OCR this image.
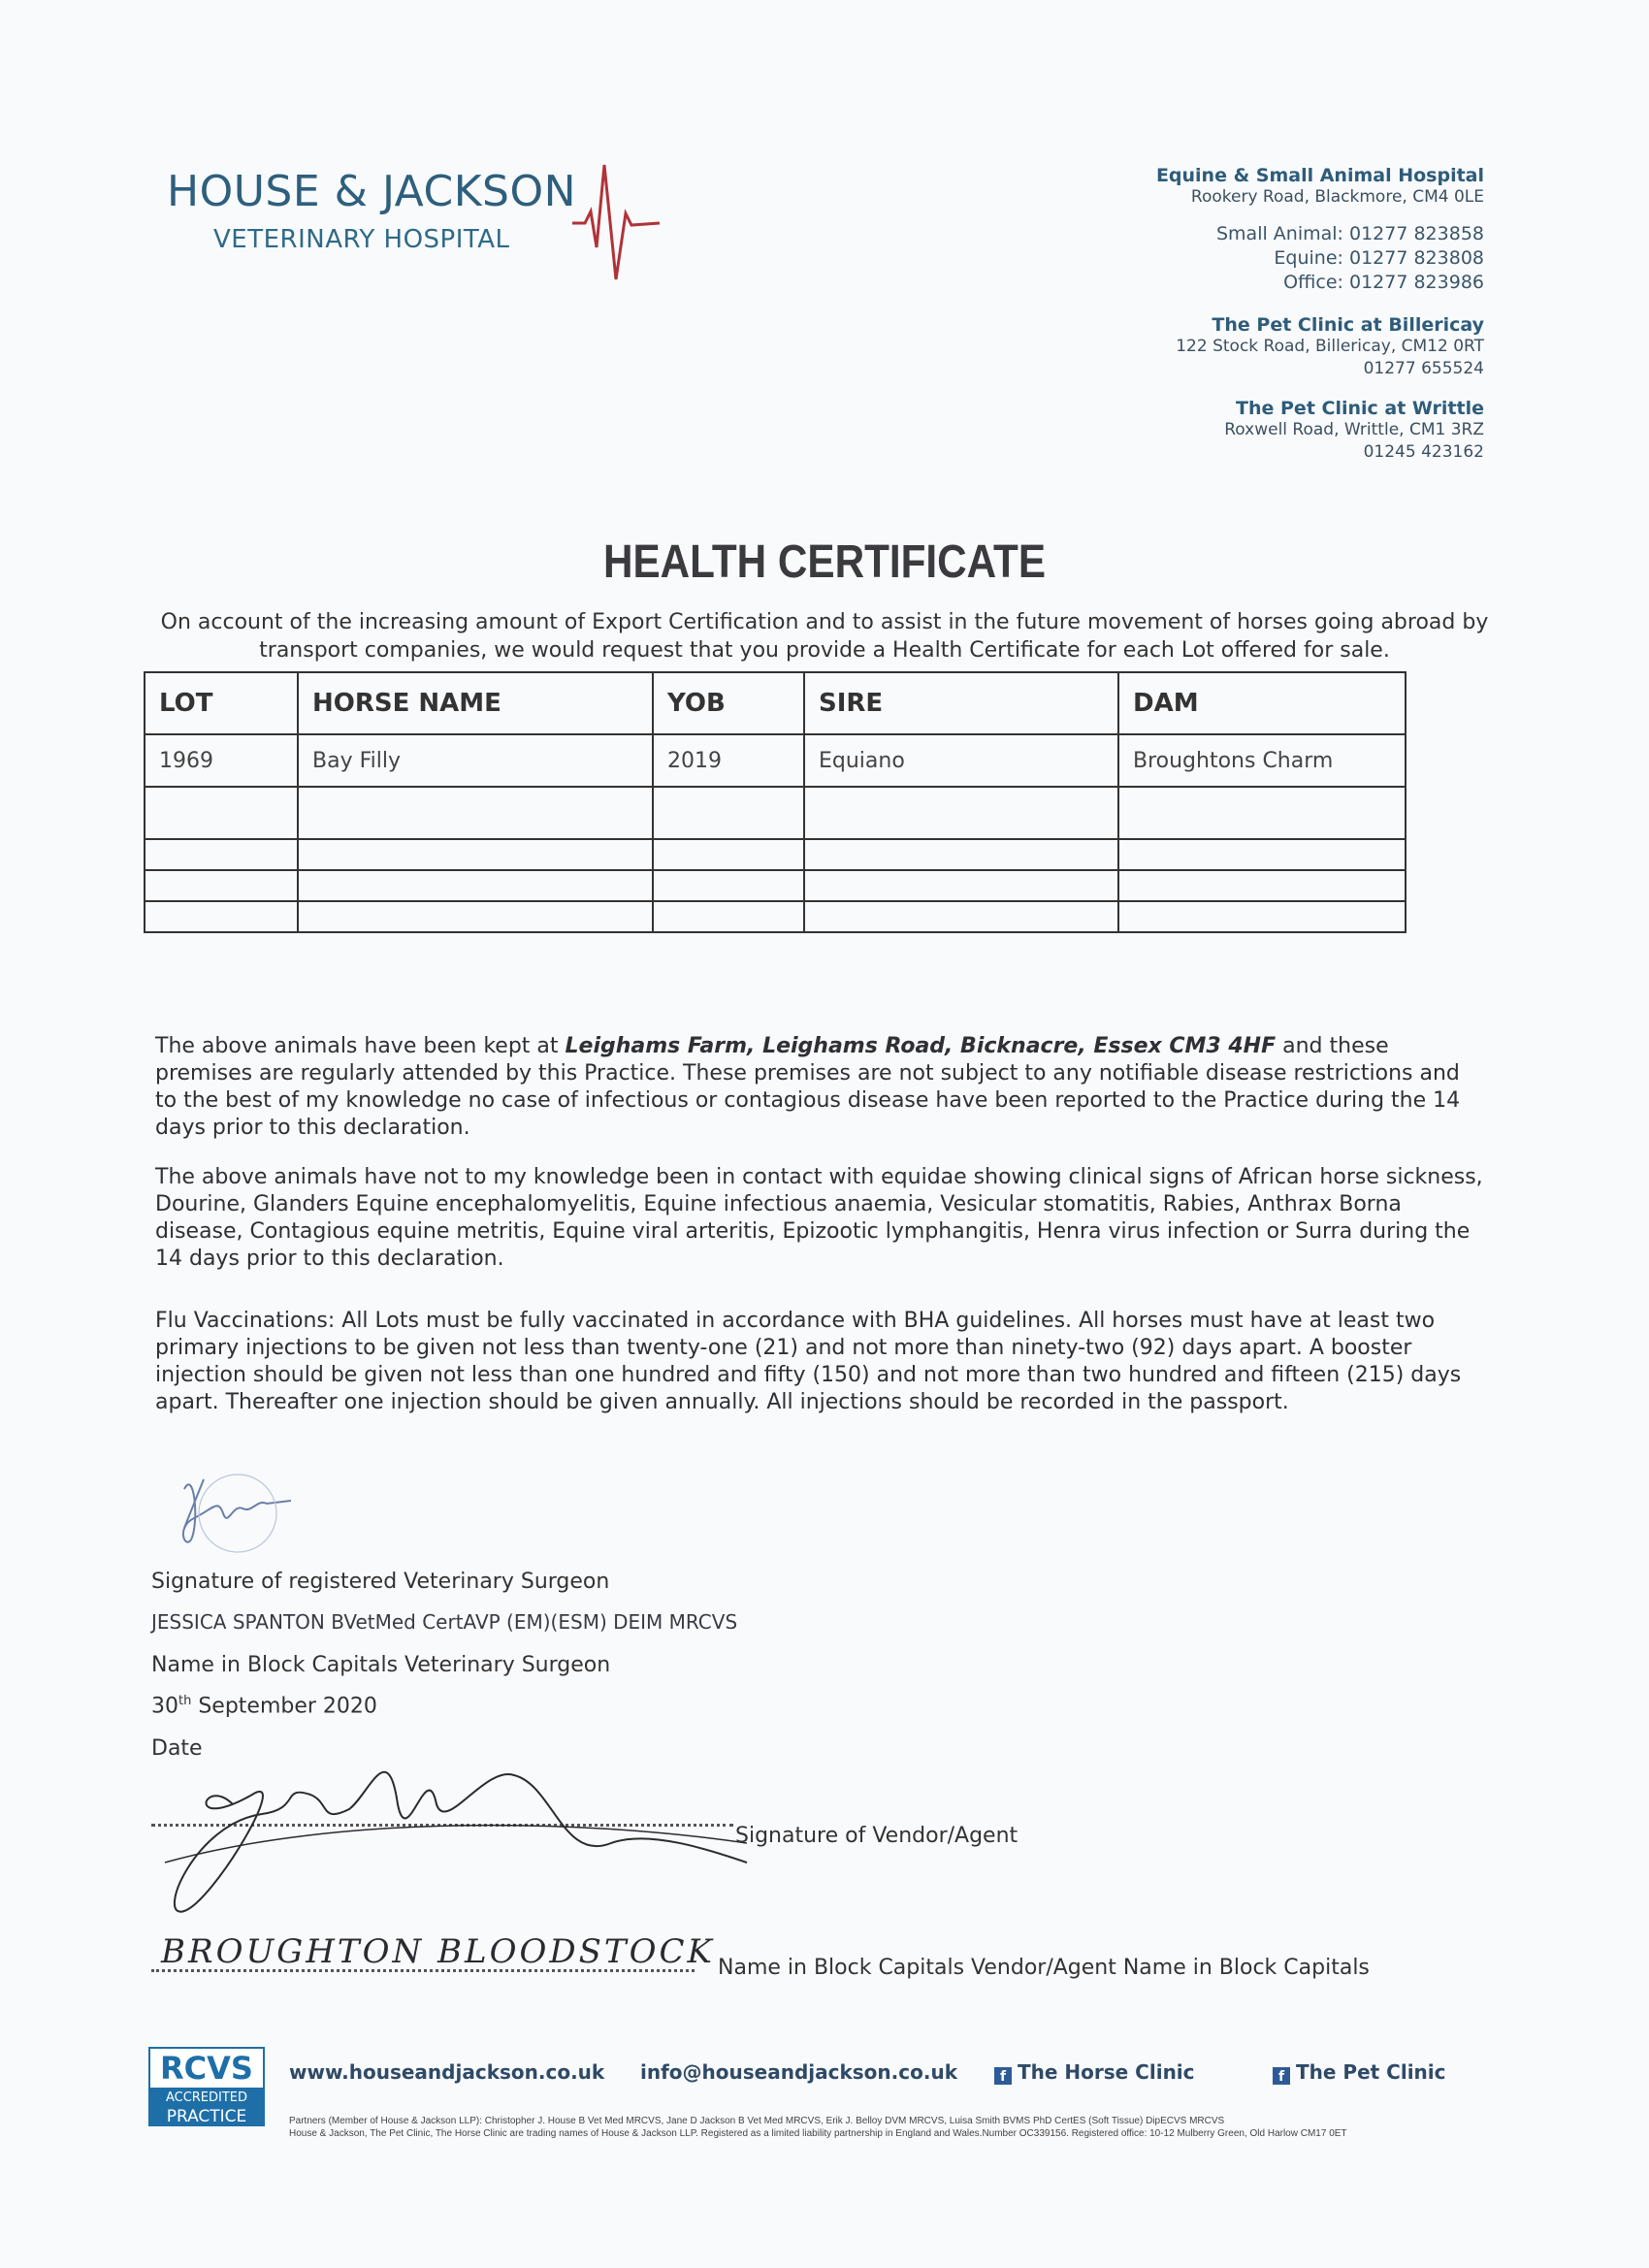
HOUSE & JACKSON
VETERINARY HOSPITAL
Equine & Small Animal Hospital
Rookery Road, Blackmore, CM4 0LE
Small Animal: 01277 823858
Equine: 01277 823808
Office: 01277 823986
The Pet Clinic at Billericay
122 Stock Road, Billericay, CM12 0RT
01277 655524
The Pet Clinic at Writtle
Roxwell Road, Writtle, CM1 3RZ
01245 423162
HEALTH CERTIFICATE
On account of the increasing amount of Export Certification and to assist in the future movement of horses going abroad by transport companies, we would request that you provide a Health Certificate for each Lot offered for sale.
LOT	HORSE NAME	YOB	SIRE	DAM
1969	Bay Filly	2019	Equiano	Broughtons Charm

The above animals have been kept at Leighams Farm, Leighams Road, Bicknacre, Essex CM3 4HF and these premises are regularly attended by this Practice. These premises are not subject to any notifiable disease restrictions and to the best of my knowledge no case of infectious or contagious disease have been reported to the Practice during the 14 days prior to this declaration.
The above animals have not to my knowledge been in contact with equidae showing clinical signs of African horse sickness, Dourine, Glanders Equine encephalomyelitis, Equine infectious anaemia, Vesicular stomatitis, Rabies, Anthrax Borna disease, Contagious equine metritis, Equine viral arteritis, Epizootic lymphangitis, Henra virus infection or Surra during the 14 days prior to this declaration.
Flu Vaccinations: All Lots must be fully vaccinated in accordance with BHA guidelines. All horses must have at least two primary injections to be given not less than twenty-one (21) and not more than ninety-two (92) days apart. A booster injection should be given not less than one hundred and fifty (150) and not more than two hundred and fifteen (215) days apart. Thereafter one injection should be given annually. All injections should be recorded in the passport.
Signature of registered Veterinary Surgeon
JESSICA SPANTON BVetMed CertAVP (EM)(ESM) DEIM MRCVS
Name in Block Capitals Veterinary Surgeon
30th September 2020
Date
Signature of Vendor/Agent
BROUGHTON BLOODSTOCK Name in Block Capitals Vendor/Agent Name in Block Capitals
RCVS
ACCREDITED
PRACTICE
www.houseandjackson.co.uk info@houseandjackson.co.uk	f The Horse Clinic	f The Pet Clinic
Partners (Member of House & Jackson LLP): Christopher J. House B Vet Med MRCVS, Jane D Jackson B Vet Med MRCVS, Erik J. Belloy DVM MRCVS, Luisa Smith BVMS PhD CertES (Soft Tissue) DipECVS MRCVS
House & Jackson, The Pet Clinic, The Horse Clinic are trading names of House & Jackson LLP. Registered as a limited liability partnership in England and Wales.Number OC339156. Registered office: 10-12 Mulberry Green, Old Harlow CM17 0ET
